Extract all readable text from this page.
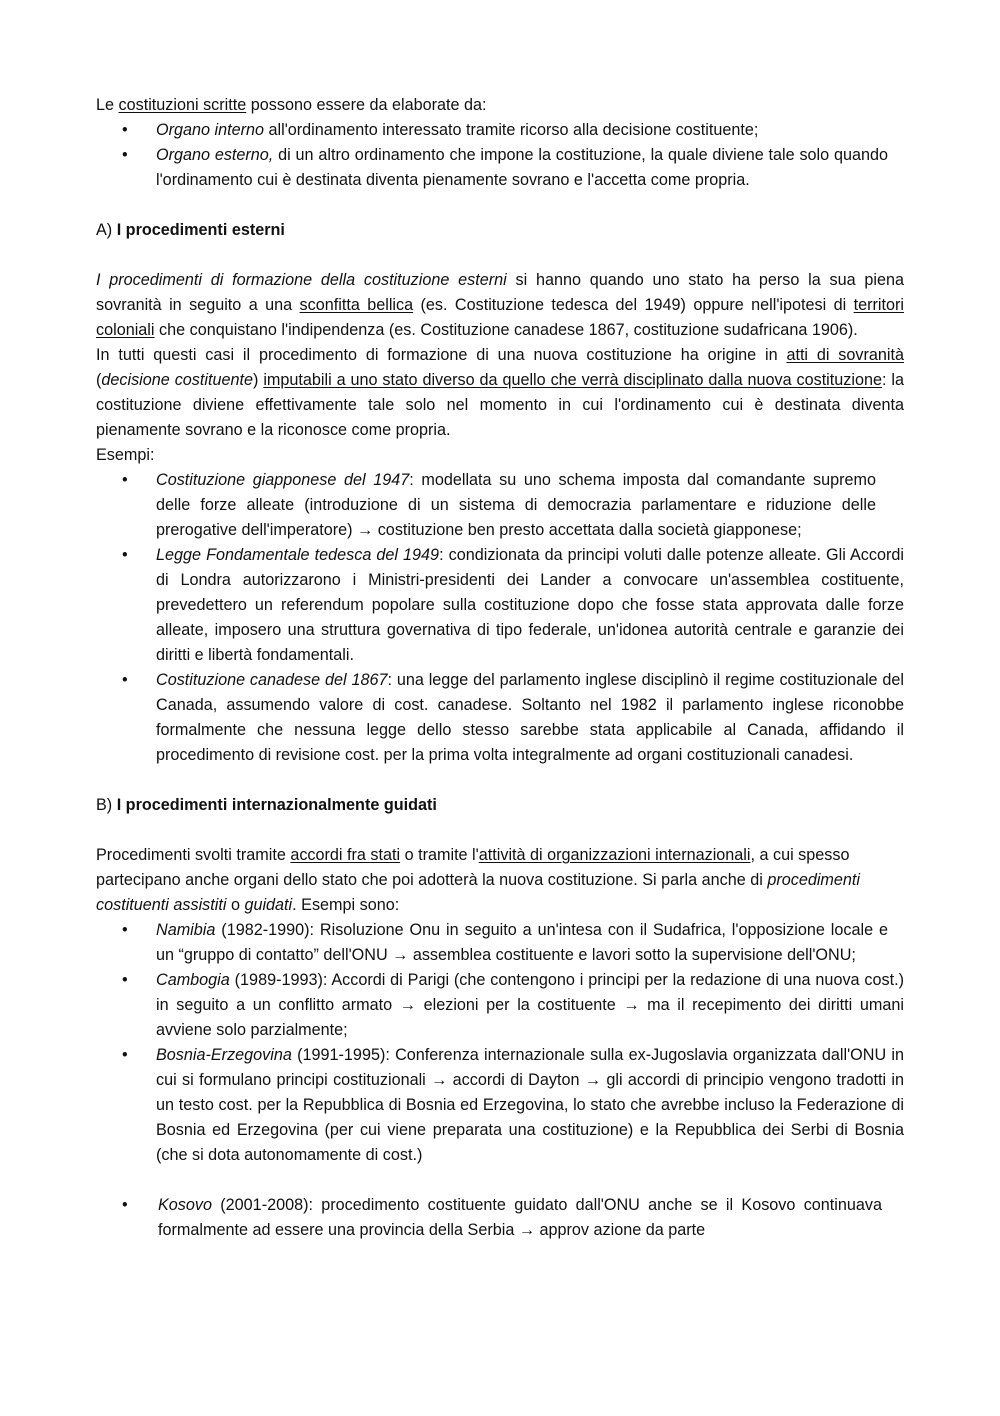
Le costituzioni scritte possono essere da elaborate da:

• Organo interno all'ordinamento interessato tramite ricorso alla decisione costituente;
• Organo esterno, di un altro ordinamento che impone la costituzione, la quale diviene tale solo quando l'ordinamento cui è destinata diventa pienamente sovrano e l'accetta come propria.

A) I procedimenti esterni

I procedimenti di formazione della costituzione esterni si hanno quando uno stato ha perso la sua piena sovranità in seguito a una sconfitta bellica (es. Costituzione tedesca del 1949) oppure nell'ipotesi di territori coloniali che conquistano l'indipendenza (es. Costituzione canadese 1867, costituzione sudafricana 1906).

In tutti questi casi il procedimento di formazione di una nuova costituzione ha origine in atti di sovranità (decisione costituente) imputabili a uno stato diverso da quello che verrà disciplinato dalla nuova costituzione: la costituzione diviene effettivamente tale solo nel momento in cui l'ordinamento cui è destinata diventa pienamente sovrano e la riconosce come propria.

Esempi:

• Costituzione giapponese del 1947: modellata su uno schema imposta dal comandante supremo delle forze alleate (introduzione di un sistema di democrazia parlamentare e riduzione delle prerogative dell'imperatore) → costituzione ben presto accettata dalla società giapponese;
• Legge Fondamentale tedesca del 1949: condizionata da principi voluti dalle potenze alleate. Gli Accordi di Londra autorizzarono i Ministri-presidenti dei Lander a convocare un'assemblea costituente, prevedettero un referendum popolare sulla costituzione dopo che fosse stata approvata dalle forze alleate, imposero una struttura governativa di tipo federale, un'idonea autorità centrale e garanzie dei diritti e libertà fondamentali.
• Costituzione canadese del 1867: una legge del parlamento inglese disciplinò il regime costituzionale del Canada, assumendo valore di cost. canadese. Soltanto nel 1982 il parlamento inglese riconobbe formalmente che nessuna legge dello stesso sarebbe stata applicabile al Canada, affidando il procedimento di revisione cost. per la prima volta integralmente ad organi costituzionali canadesi.

B) I procedimenti internazionalmente guidati

Procedimenti svolti tramite accordi fra stati o tramite l'attività di organizzazioni internazionali, a cui spesso partecipano anche organi dello stato che poi adotterà la nuova costituzione. Si parla anche di procedimenti costituenti assistiti o guidati. Esempi sono:

• Namibia (1982-1990): Risoluzione Onu in seguito a un'intesa con il Sudafrica, l'opposizione locale e un “gruppo di contatto” dell'ONU → assemblea costituente e lavori sotto la supervisione dell'ONU;
• Cambogia (1989-1993): Accordi di Parigi (che contengono i principi per la redazione di una nuova cost.) in seguito a un conflitto armato → elezioni per la costituente → ma il recepimento dei diritti umani avviene solo parzialmente;
• Bosnia-Erzegovina (1991-1995): Conferenza internazionale sulla ex-Jugoslavia organizzata dall'ONU in cui si formulano principi costituzionali → accordi di Dayton → gli accordi di principio vengono tradotti in un testo cost. per la Repubblica di Bosnia ed Erzegovina, lo stato che avrebbe incluso la Federazione di Bosnia ed Erzegovina (per cui viene preparata una costituzione) e la Repubblica dei Serbi di Bosnia (che si dota autonomamente di cost.)
• Kosovo (2001-2008): procedimento costituente guidato dall'ONU anche se il Kosovo continuava formalmente ad essere una provincia della Serbia → approv azione da parte
